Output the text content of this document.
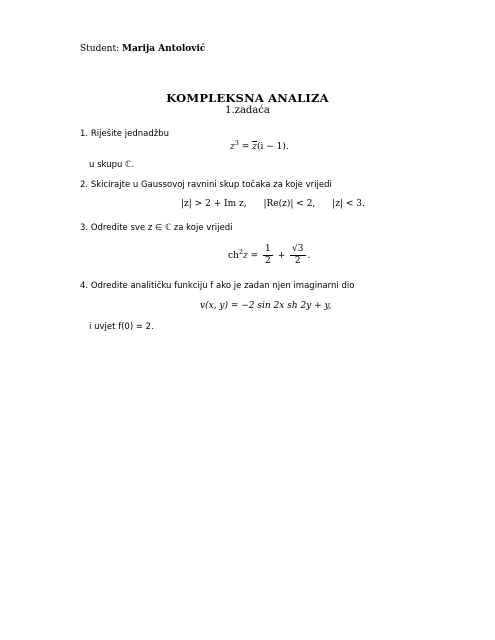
Student: Marija Antolović
KOMPLEKSNA ANALIZA
1.zadaća
1. Riješite jednadžbu
$z^3 = \overline{z}(i - 1)$.
u skupu ℂ.
2. Skicirajte u Gaussovoj ravnini skup točaka za koje vrijedi
|z| > 2 + Im z, |Re(z)| < 2, |z| < 3.
3. Odredite sve z ∈ ℂ za koje vrijedi
$ch^2z = \frac{1}{2} + \frac{√3}{2}$ .
4. Odredite analitičku funkciju f ako je zadan njen imaginarni dio
v(x, y) = −2 sin 2x sh 2y + y,
i uvjet f(0) = 2.
